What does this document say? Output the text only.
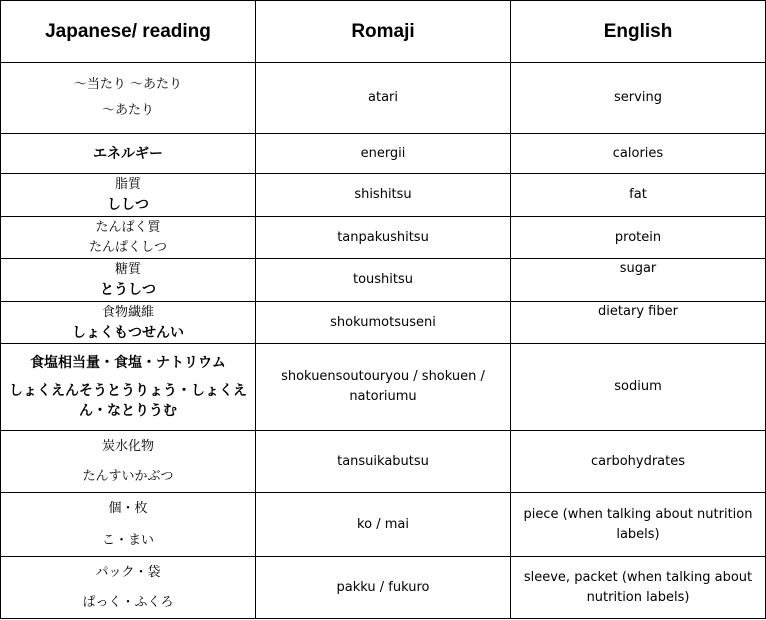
Japanese/ reading	Romaji	English

～当たり ～あたり
～あたり	atari	serving

エネルギー	energii	calories

脂質
ししつ	shishitsu	fat

たんぱく質
たんぱくしつ	tanpakushitsu	protein

糖質
とうしつ	toushitsu	sugar

食物繊維
しょくもつせんい	shokumotsuseni	dietary fiber

食塩相当量・食塩・ナトリウム
しょくえんそうとうりょう・しょくえん・なとりうむ	shokuensoutouryou / shokuen / natoriumu	sodium

炭水化物
たんすいかぶつ	tansuikabutsu	carbohydrates

個・枚
こ・まい	ko / mai	piece (when talking about nutrition labels)

パック・袋
ぱっく・ふくろ	pakku / fukuro	sleeve, packet (when talking about nutrition labels)
